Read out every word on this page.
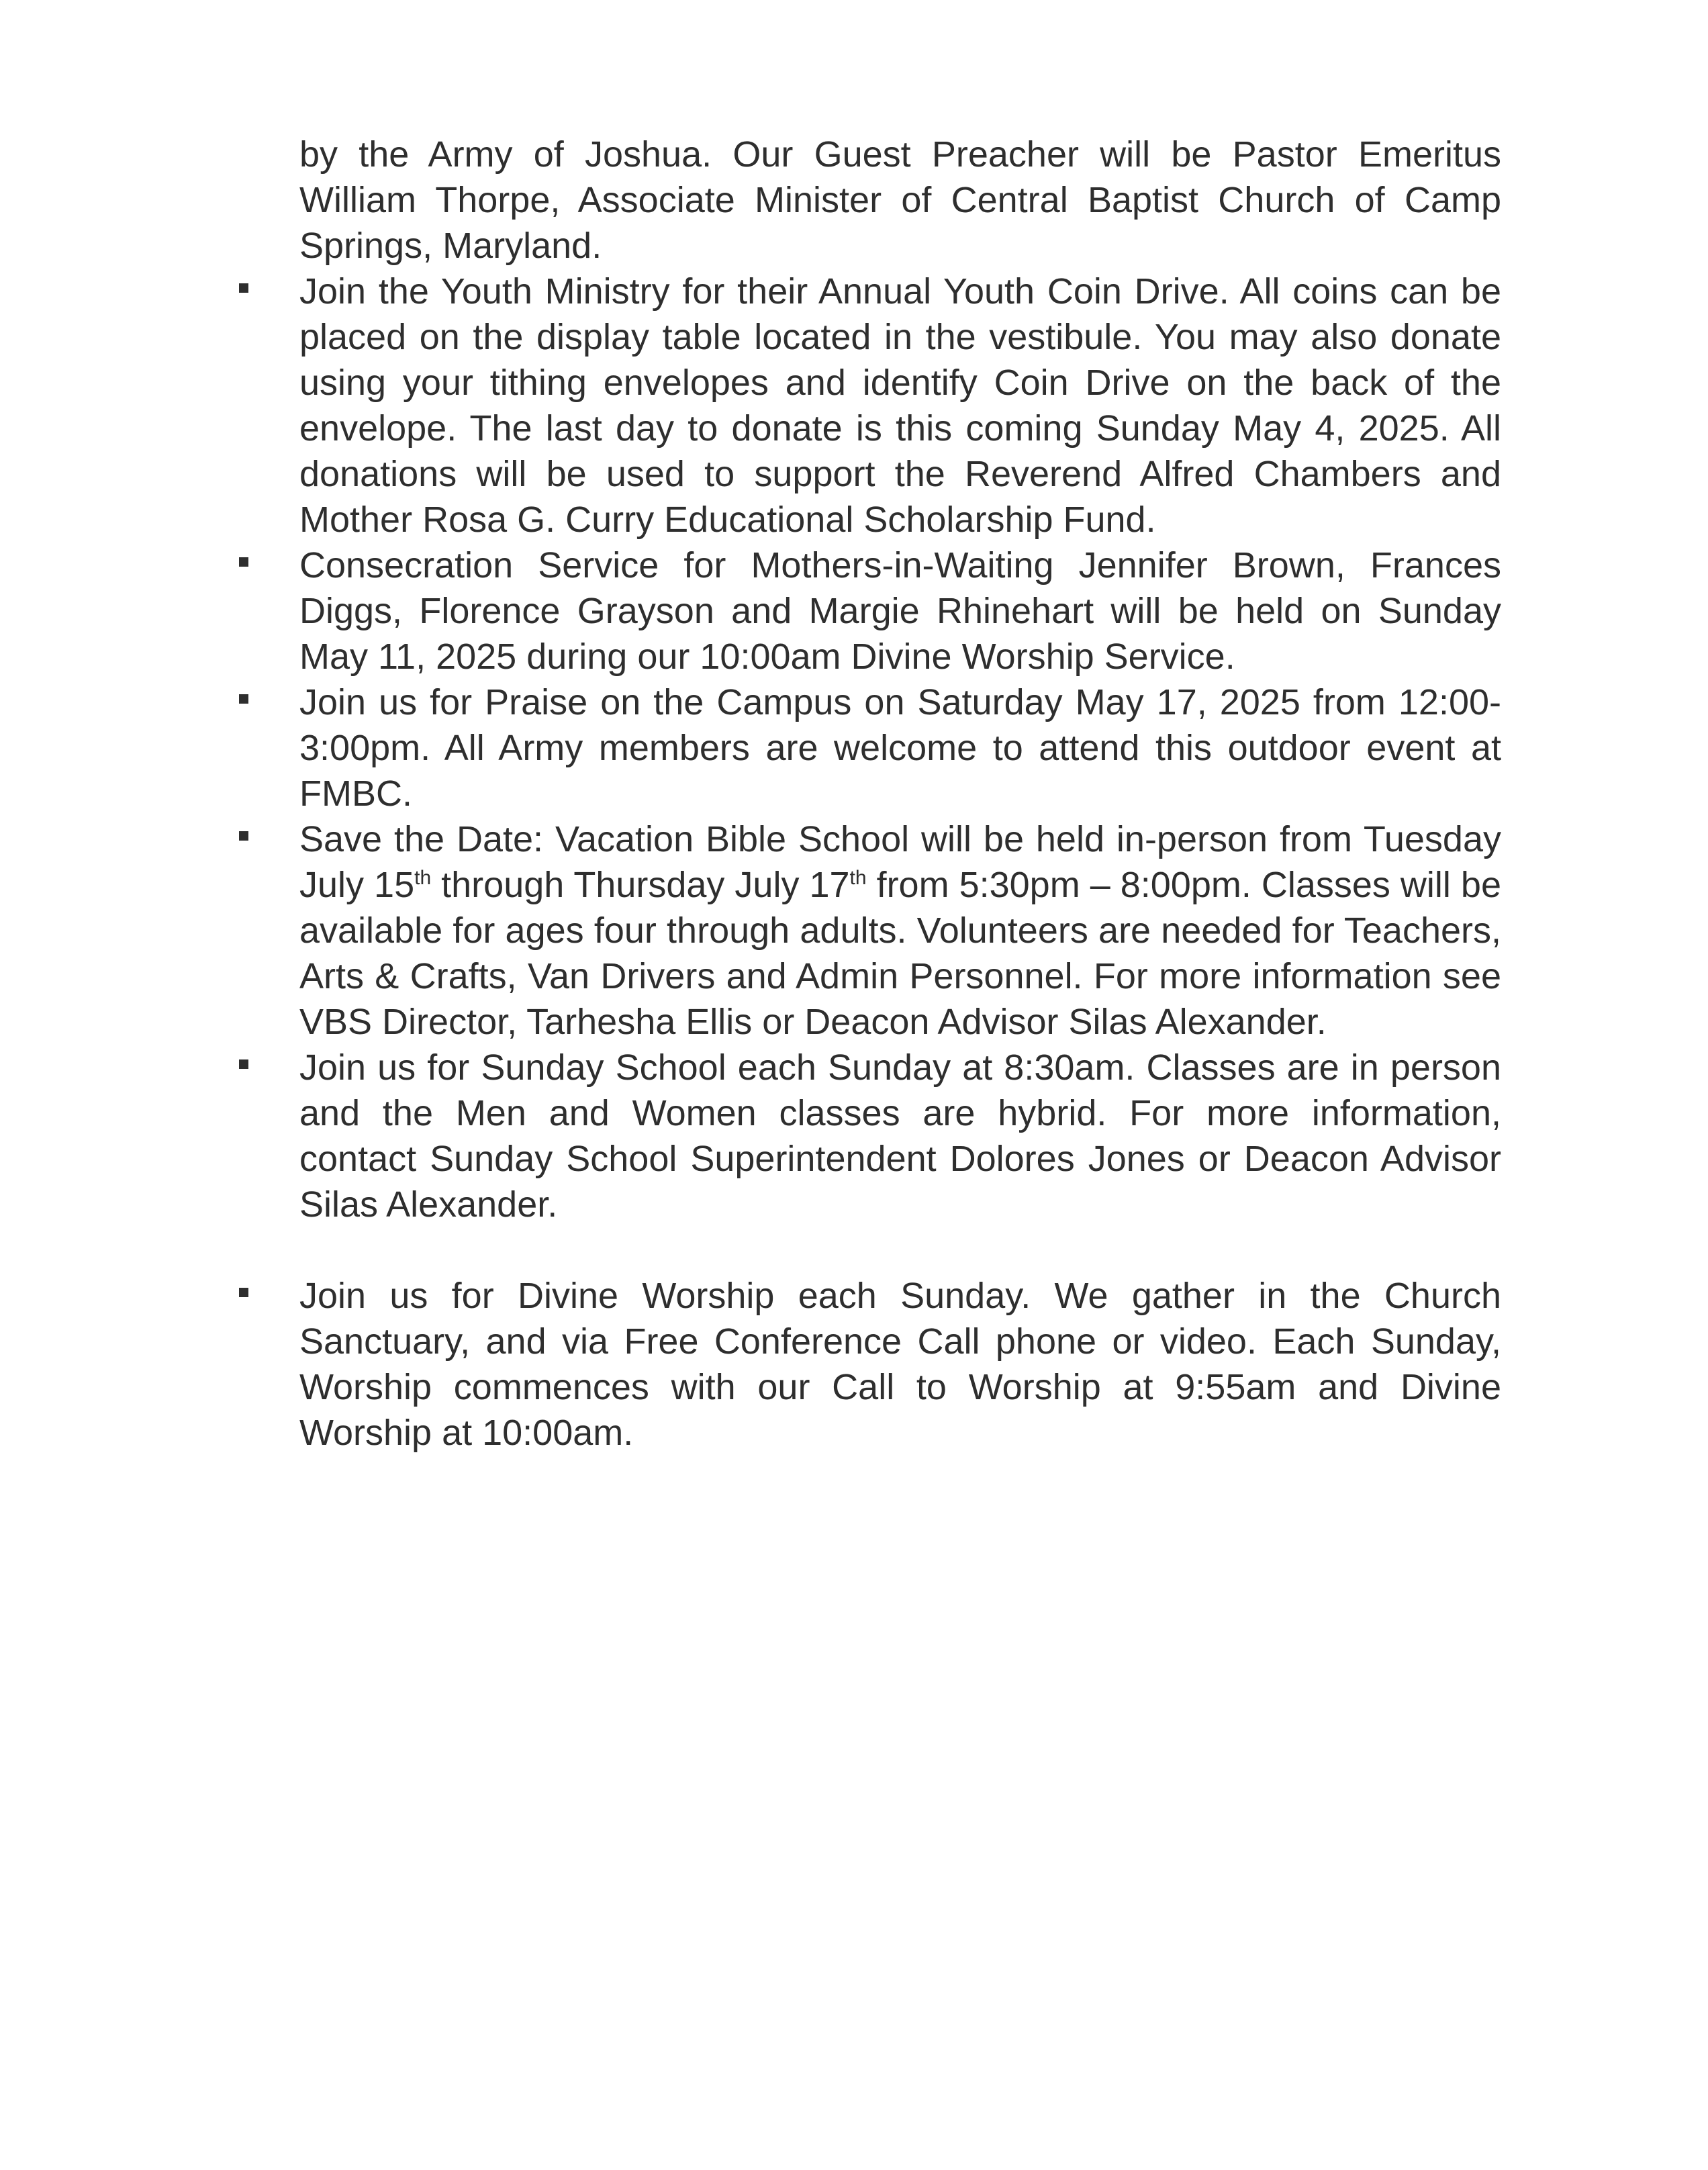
by the Army of Joshua. Our Guest Preacher will be Pastor Emeritus William Thorpe, Associate Minister of Central Baptist Church of Camp Springs, Maryland.

Join the Youth Ministry for their Annual Youth Coin Drive. All coins can be placed on the display table located in the vestibule. You may also donate using your tithing envelopes and identify Coin Drive on the back of the envelope. The last day to donate is this coming Sunday May 4, 2025. All donations will be used to support the Reverend Alfred Chambers and Mother Rosa G. Curry Educational Scholarship Fund.

Consecration Service for Mothers-in-Waiting Jennifer Brown, Frances Diggs, Florence Grayson and Margie Rhinehart will be held on Sunday May 11, 2025 during our 10:00am Divine Worship Service.

Join us for Praise on the Campus on Saturday May 17, 2025 from 12:00-3:00pm. All Army members are welcome to attend this outdoor event at FMBC.

Save the Date: Vacation Bible School will be held in-person from Tuesday July 15th through Thursday July 17th from 5:30pm – 8:00pm. Classes will be available for ages four through adults. Volunteers are needed for Teachers, Arts & Crafts, Van Drivers and Admin Personnel. For more information see VBS Director, Tarhesha Ellis or Deacon Advisor Silas Alexander.

Join us for Sunday School each Sunday at 8:30am. Classes are in person and the Men and Women classes are hybrid. For more information, contact Sunday School Superintendent Dolores Jones or Deacon Advisor Silas Alexander.

Join us for Divine Worship each Sunday. We gather in the Church Sanctuary, and via Free Conference Call phone or video. Each Sunday, Worship commences with our Call to Worship at 9:55am and Divine Worship at 10:00am.
